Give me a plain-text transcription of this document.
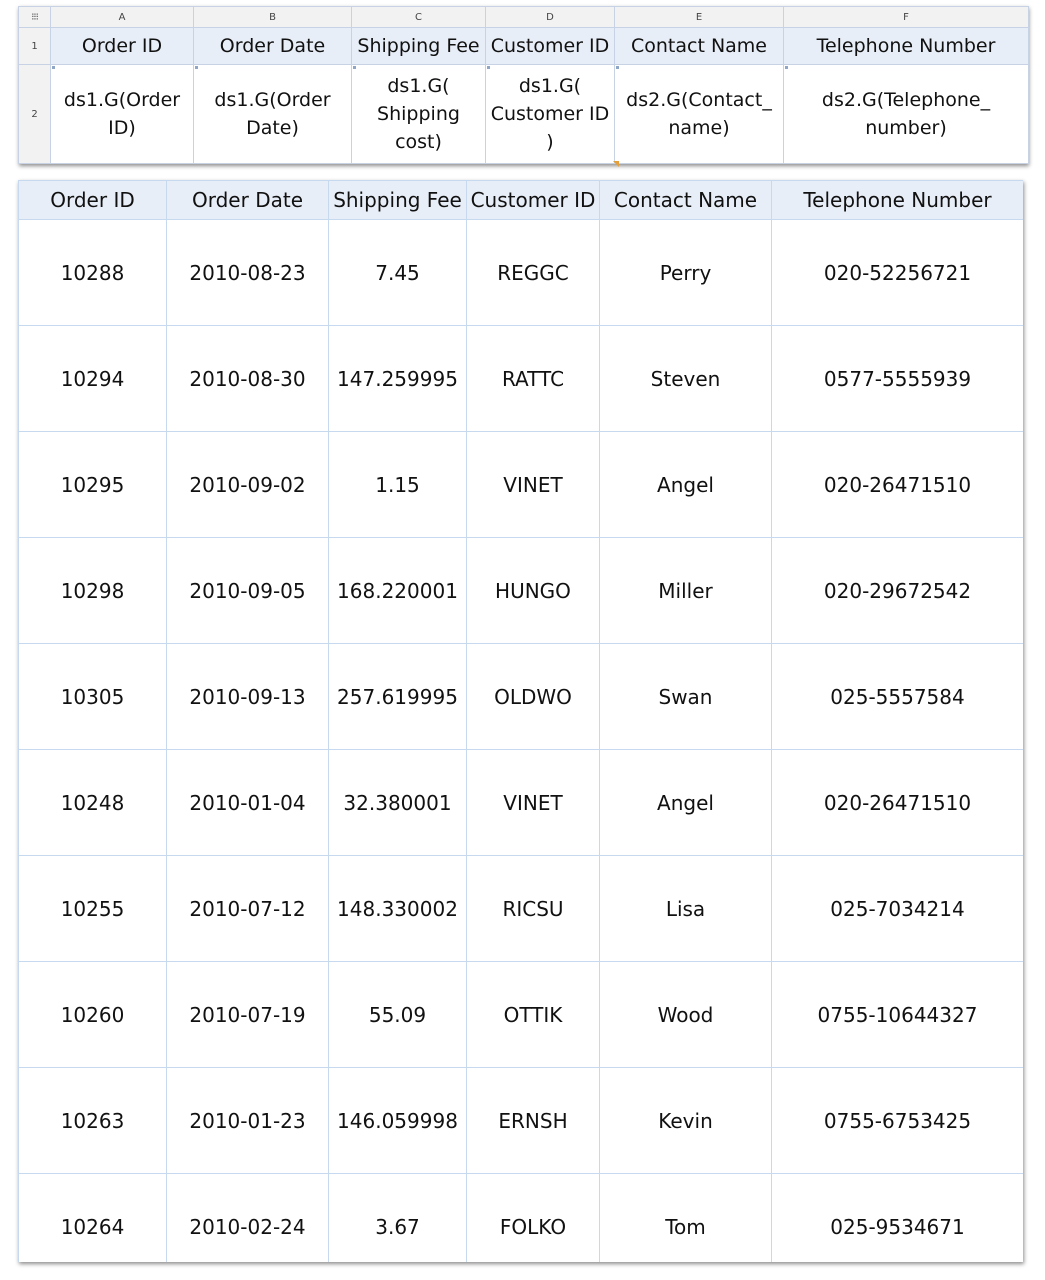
⁝⁝⁝	A	B	C	D	E	F
1	Order ID	Order Date	Shipping Fee	Customer ID	Contact Name	Telephone Number
2	ds1.G(Order
ID)	ds1.G(Order
Date)	ds1.G(
Shipping
cost)	ds1.G(
Customer ID
)	ds2.G(Contact_
name)	ds2.G(Telephone_
number)
Order ID	Order Date	Shipping Fee	Customer ID	Contact Name	Telephone Number
10288	2010-08-23	7.45	REGGC	Perry	020-52256721
10294	2010-08-30	147.259995	RATTC	Steven	0577-5555939
10295	2010-09-02	1.15	VINET	Angel	020-26471510
10298	2010-09-05	168.220001	HUNGO	Miller	020-29672542
10305	2010-09-13	257.619995	OLDWO	Swan	025-5557584
10248	2010-01-04	32.380001	VINET	Angel	020-26471510
10255	2010-07-12	148.330002	RICSU	Lisa	025-7034214
10260	2010-07-19	55.09	OTTIK	Wood	0755-10644327
10263	2010-01-23	146.059998	ERNSH	Kevin	0755-6753425
10264	2010-02-24	3.67	FOLKO	Tom	025-9534671
